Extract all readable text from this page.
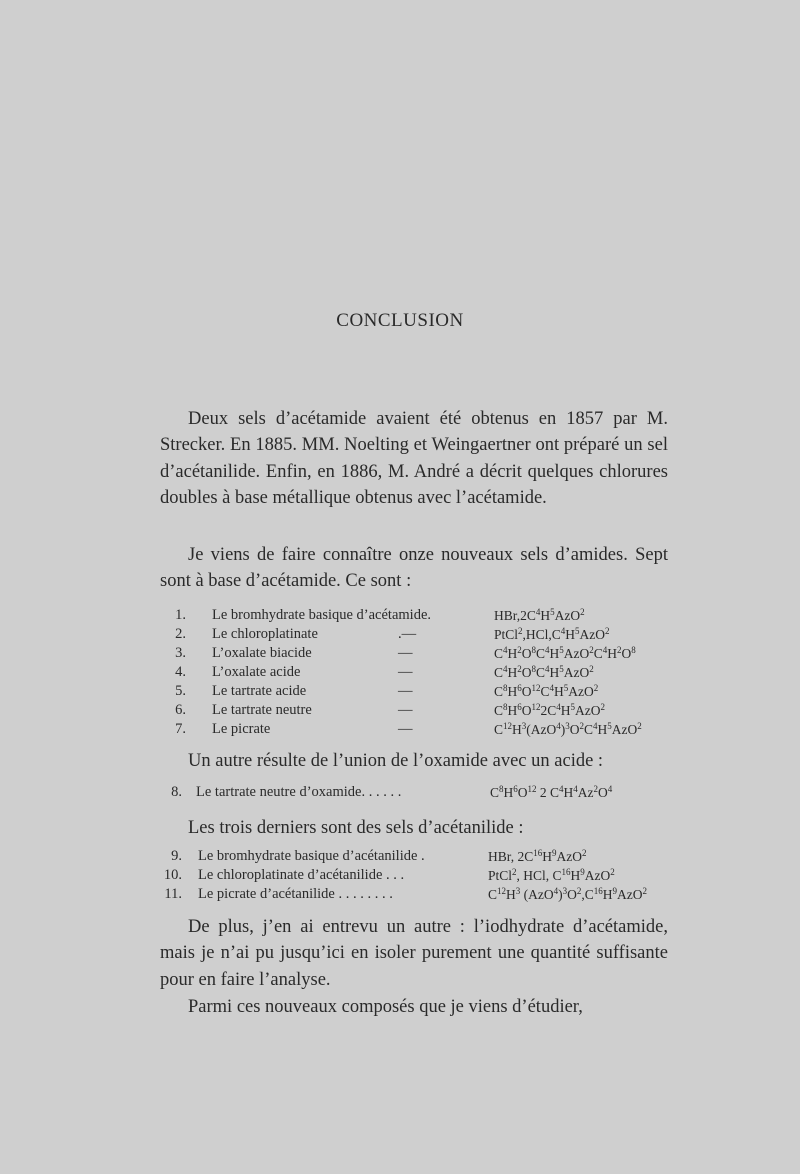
CONCLUSION
Deux sels d’acétamide avaient été obtenus en 1857 par M. Strecker. En 1885. MM. Noelting et Weingaertner ont préparé un sel d’acétanilide. Enfin, en 1886, M. André a décrit quelques chlorures doubles à base métallique obtenus avec l’acétamide.
Je viens de faire connaître onze nouveaux sels d’amides. Sept sont à base d’acétamide. Ce sont :
1. Le bromhydrate basique d’acétamide.	$HBr,2C^4H^5AzO^2$
2. Le chloroplatinate	.—	$PtCl^2,HCl,C^4H^5AzO^2$
3. L’oxalate biacide	—	$C^4H^2O^8C^4H^5AzO^2C^4H^2O^8$
4. L’oxalate acide	—	$C^4H^2O^8C^4H^5AzO^2$
5. Le tartrate acide	—	$C^8H^6O^{12}C^4H^5AzO^2$
6. Le tartrate neutre	—	$C^8H^6O^{12}2C^4H^5AzO^2$
7. Le picrate	—	$C^{12}H^3(AzO^4)^3O^2C^4H^5AzO^2$
Un autre résulte de l’union de l’oxamide avec un acide :
8. Le tartrate neutre d’oxamide. . . . . .	$C^8H^6O^{12}$ 2 $C^4H^4Az^2O^4$
Les trois derniers sont des sels d’acétanilide :
9. Le bromhydrate basique d’acétanilide .	HBr, $2C^{16}H^9AzO^2$
10. Le chloroplatinate d’acétanilide . . .	PtCl$^2$, HCl, $C^{16}H^9AzO^2$
11. Le picrate d’acétanilide . . . . . . . .	$C^{12}H^3$ $(AzO^4)^3O^2,C^{16}H^9AzO^2$
De plus, j’en ai entrevu un autre : l’iodhydrate d’acétamide, mais je n’ai pu jusqu’ici en isoler purement une quantité suffisante pour en faire l’analyse.
Parmi ces nouveaux composés que je viens d’étudier,
